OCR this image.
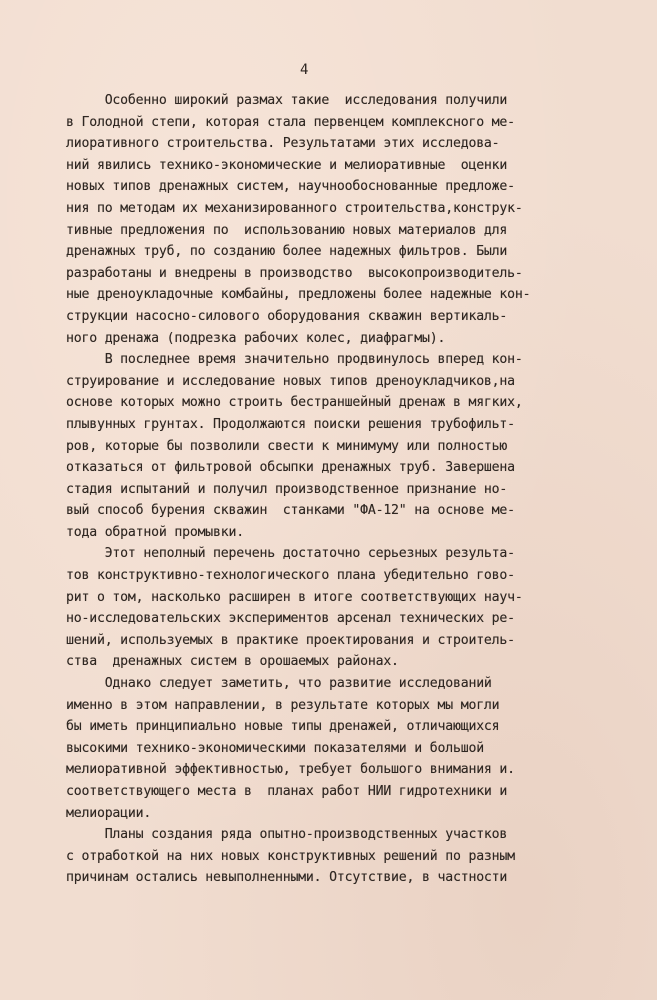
4
Особенно широкий размах такие  исследования получили
в Голодной степи, которая стала первенцем комплексного ме-
лиоративного строительства. Результатами этих исследова-
ний явились технико-экономические и мелиоративные  оценки
новых типов дренажных систем, научнообоснованные предложе-
ния по методам их механизированного строительства,конструк-
тивные предложения по  использованию новых материалов для
дренажных труб, по созданию более надежных фильтров. Были
разработаны и внедрены в производство  высокопроизводитель-
ные дреноукладочные комбайны, предложены более надежные кон-
струкции насосно-силового оборудования скважин вертикаль-
ного дренажа (подрезка рабочих колес, диафрагмы).
В последнее время значительно продвинулось вперед кон-
струирование и исследование новых типов дреноукладчиков,на
основе которых можно строить бестраншейный дренаж в мягких,
плывунных грунтах. Продолжаются поиски решения трубофильт-
ров, которые бы позволили свести к минимуму или полностью
отказаться от фильтровой обсыпки дренажных труб. Завершена
стадия испытаний и получил производственное признание но-
вый способ бурения скважин  станками "ФА-12" на основе ме-
тода обратной промывки.
Этот неполный перечень достаточно серьезных результа-
тов конструктивно-технологического плана убедительно гово-
рит о том, насколько расширен в итоге соответствующих науч-
но-исследовательских экспериментов арсенал технических ре-
шений, используемых в практике проектирования и строитель-
ства  дренажных систем в орошаемых районах.
Однако следует заметить, что развитие исследований
именно в этом направлении, в результате которых мы могли
бы иметь принципиально новые типы дренажей, отличающихся
высокими технико-экономическими показателями и большой
мелиоративной эффективностью, требует большого внимания и.
соответствующего места в  планах работ НИИ гидротехники и
мелиорации.
Планы создания ряда опытно-производственных участков
с отработкой на них новых конструктивных решений по разным
причинам остались невыполненными. Отсутствие, в частности
